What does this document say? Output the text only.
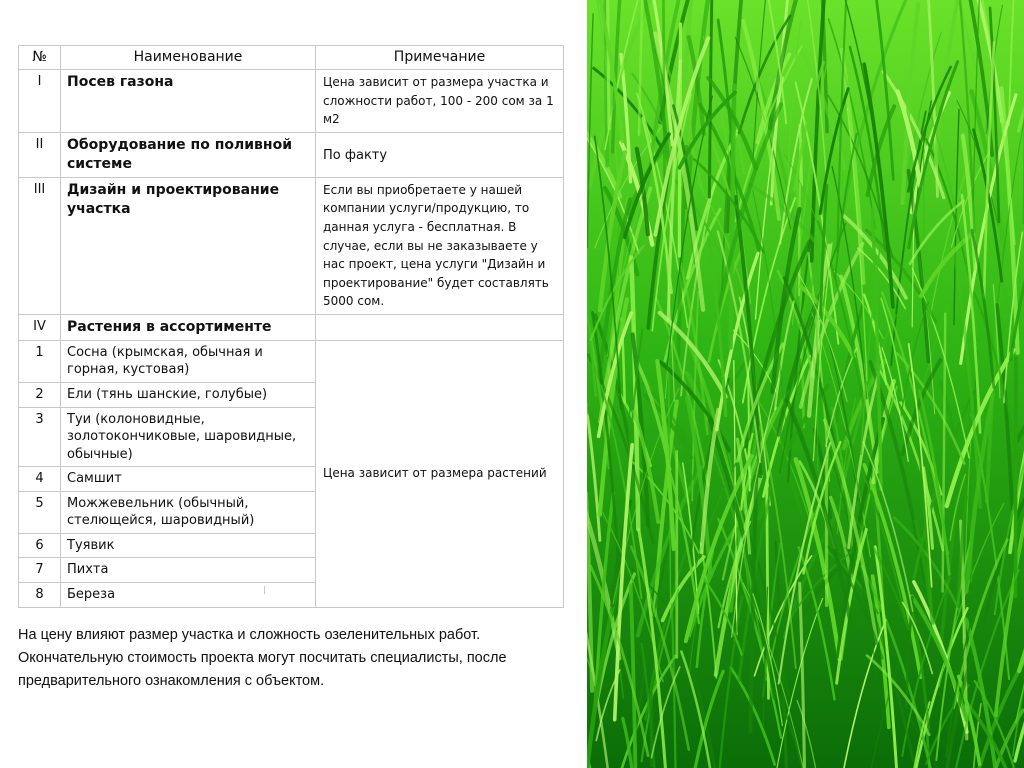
№	Наименование	Примечание
I	Посев газона	Цена зависит от размера участка и сложности работ, 100 - 200 сом за 1 м2
II	Оборудование по поливной системе	По факту
III	Дизайн и проектирование участка	Если вы приобретаете у нашей компании услуги/продукцию, то данная услуга - бесплатная. В случае, если вы не заказываете у нас проект, цена услуги "Дизайн и проектирование" будет составлять 5000 сом.
IV	Растения в ассортименте	
1	Сосна (крымская, обычная и горная, кустовая)	Цена зависит от размера растений
2	Ели (тянь шанские, голубые)	
3	Туи (колоновидные, золотокончиковые, шаровидные, обычные)	
4	Самшит	
5	Можжевельник (обычный, стелющейся, шаровидный)	
6	Туявик	
7	Пихта	
8	Береза	

На цену влияют размер участка и сложность озеленительных работ.

Окончательную стоимость проекта могут посчитать специалисты, после

предварительного ознакомления с объектом.
